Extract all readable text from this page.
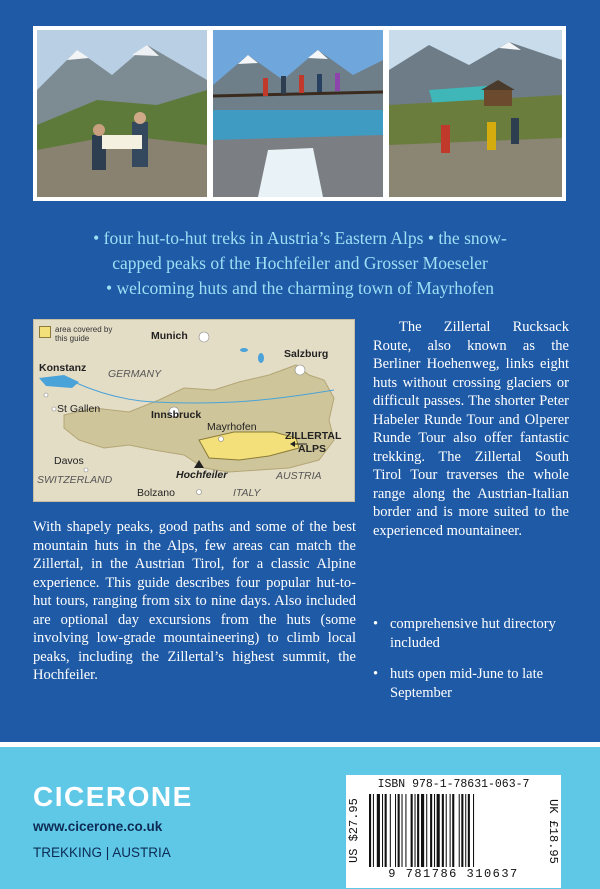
• four hut-to-hut treks in Austria’s Eastern Alps • the snow-
capped peaks of the Hochfeiler and Grosser Moeseler
• welcoming huts and the charming town of Mayrhofen
area covered by this guide	Munich
Salzburg
Konstanz GERMANY
St Gallen	Innsbruck
Mayrhofen
ZILLERTAL
ALPS
Davos
Hochfeiler	AUSTRIA
SWITZERLAND
Bolzano	ITALY

The Zillertal Rucksack Route, also known as the Berliner Hoehenweg, links eight huts without crossing glaciers or difficult passes. The shorter Peter Habeler Runde Tour and Olperer Runde Tour also offer fantastic trekking. The Zillertal South Tirol Tour traverses the whole range along the Austrian-Italian border and is more suited to the experienced mountaineer.

• comprehensive hut directory included
• huts open mid-June to late September

With shapely peaks, good paths and some of the best mountain huts in the Alps, few areas can match the Zillertal, in the Austrian Tirol, for a classic Alpine experience. This guide describes four popular hut-to-hut tours, ranging from six to nine days. Also included are optional day excursions from the huts (some involving low-grade mountaineering) to climb local peaks, including the Zillertal’s highest summit, the Hochfeiler.

CICERONE
www.cicerone.co.uk
TREKKING | AUSTRIA	US $27.95
ISBN 978-1-78631-063-7
9 781786 310637
UK £18.95
